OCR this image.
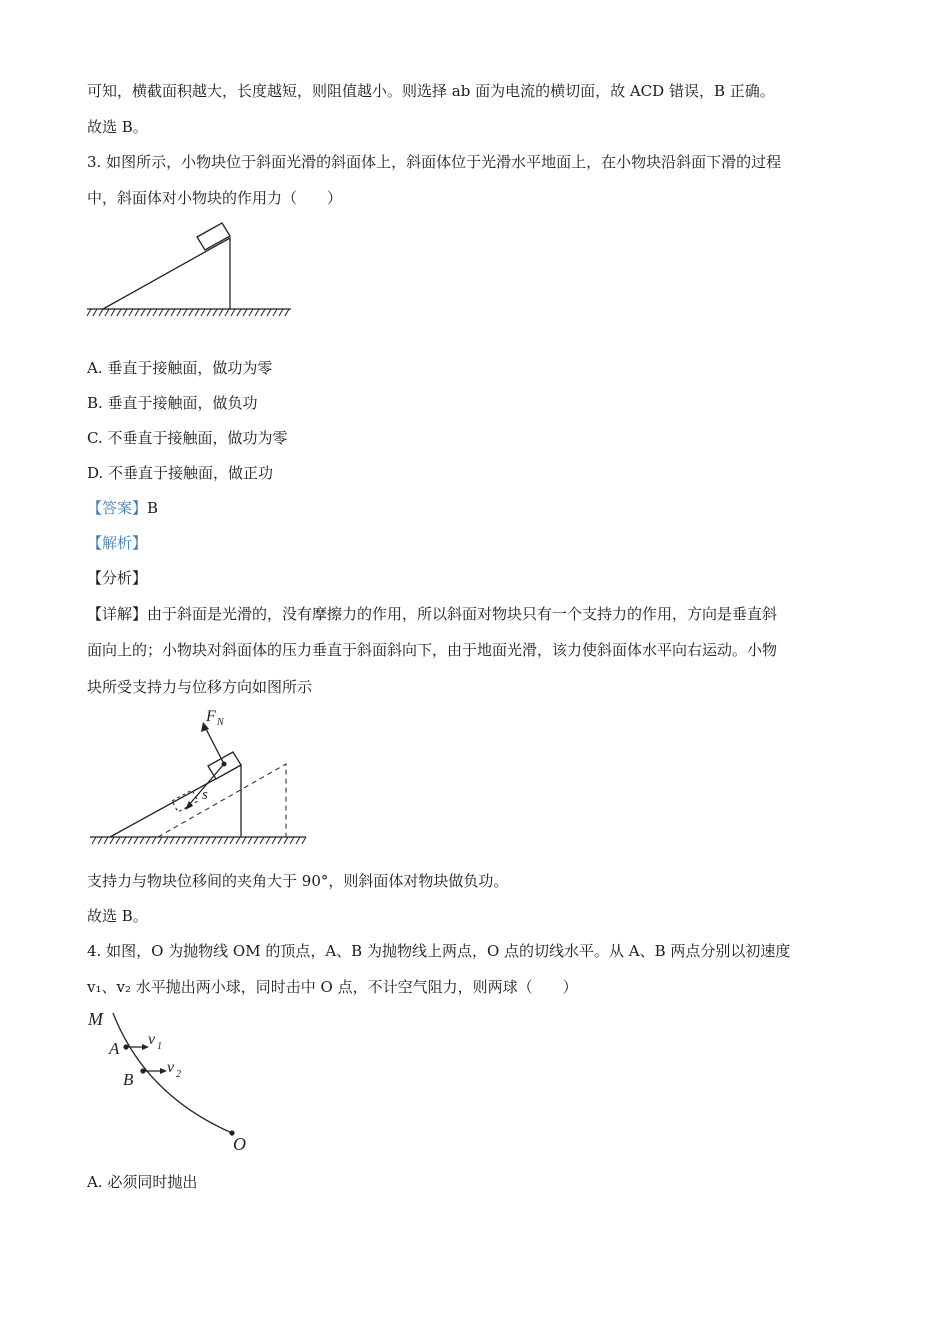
可知，横截面积越大，长度越短，则阻值越小。则选择 ab 面为电流的横切面，故 ACD 错误，B 正确。
故选 B。
3. 如图所示，小物块位于斜面光滑的斜面体上，斜面体位于光滑水平地面上，在小物块沿斜面下滑的过程
中，斜面体对小物块的作用力（　　）
A. 垂直于接触面，做功为零
B. 垂直于接触面，做负功
C. 不垂直于接触面，做功为零
D. 不垂直于接触面，做正功
【答案】B
【解析】
【分析】
【详解】由于斜面是光滑的，没有摩擦力的作用，所以斜面对物块只有一个支持力的作用，方向是垂直斜
面向上的；小物块对斜面体的压力垂直于斜面斜向下，由于地面光滑，该力使斜面体水平向右运动。小物
块所受支持力与位移方向如图所示
F N
s
支持力与物块位移间的夹角大于 90°，则斜面体对物块做负功。
故选 B。
4. 如图，O 为抛物线 OM 的顶点，A、B 为抛物线上两点，O 点的切线水平。从 A、B 两点分别以初速度
v₁、v₂ 水平抛出两小球，同时击中 O 点，不计空气阻力，则两球（　　）
M
A v 1
B
v 2
O
A. 必须同时抛出
